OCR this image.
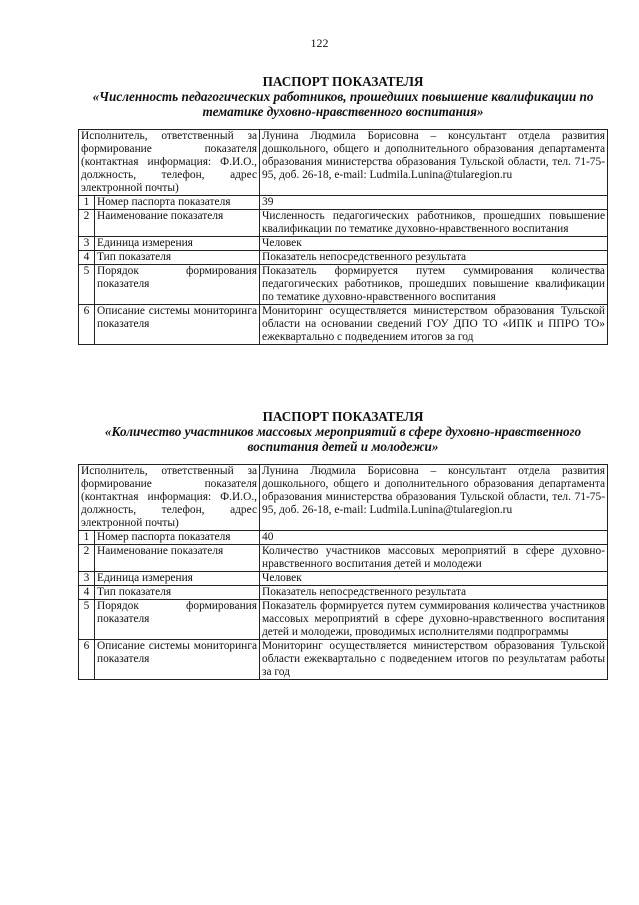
122
ПАСПОРТ ПОКАЗАТЕЛЯ
«Численность педагогических работников, прошедших повышение квалификации по тематике духовно-нравственного воспитания»
Исполнитель, ответственный за формирование показателя (контактная информация: Ф.И.О., должность, телефон, адрес электронной почты)		Лунина Людмила Борисовна – консультант отдела развития дошкольного, общего и дополнительного образования департамента образования министерства образования Тульской области, тел. 71-75-95, доб. 26-18, e-mail: Ludmila.Lunina@tularegion.ru
1	Номер паспорта показателя	39
2	Наименование показателя	Численность педагогических работников, прошедших повышение квалификации по тематике духовно-нравственного воспитания
3	Единица измерения	Человек
4	Тип показателя	Показатель непосредственного результата
5	Порядок формирования показателя	Показатель формируется путем суммирования количества педагогических работников, прошедших повышение квалификации по тематике духовно-нравственного воспитания
6	Описание системы мониторинга показателя	Мониторинг осуществляется министерством образования Тульской области на основании сведений ГОУ ДПО ТО «ИПК и ППРО ТО» ежеквартально с подведением итогов за год
ПАСПОРТ ПОКАЗАТЕЛЯ
«Количество участников массовых мероприятий в сфере духовно-нравственного воспитания детей и молодежи»
Исполнитель, ответственный за формирование показателя (контактная информация: Ф.И.О., должность, телефон, адрес электронной почты)		Лунина Людмила Борисовна – консультант отдела развития дошкольного, общего и дополнительного образования департамента образования министерства образования Тульской области, тел. 71-75-95, доб. 26-18, e-mail: Ludmila.Lunina@tularegion.ru
1	Номер паспорта показателя	40
2	Наименование показателя	Количество участников массовых мероприятий в сфере духовно-нравственного воспитания детей и молодежи
3	Единица измерения	Человек
4	Тип показателя	Показатель непосредственного результата
5	Порядок формирования показателя	Показатель формируется путем суммирования количества участников массовых мероприятий в сфере духовно-нравственного воспитания детей и молодежи, проводимых исполнителями подпрограммы
6	Описание системы мониторинга показателя	Мониторинг осуществляется министерством образования Тульской области ежеквартально с подведением итогов по результатам работы за год
